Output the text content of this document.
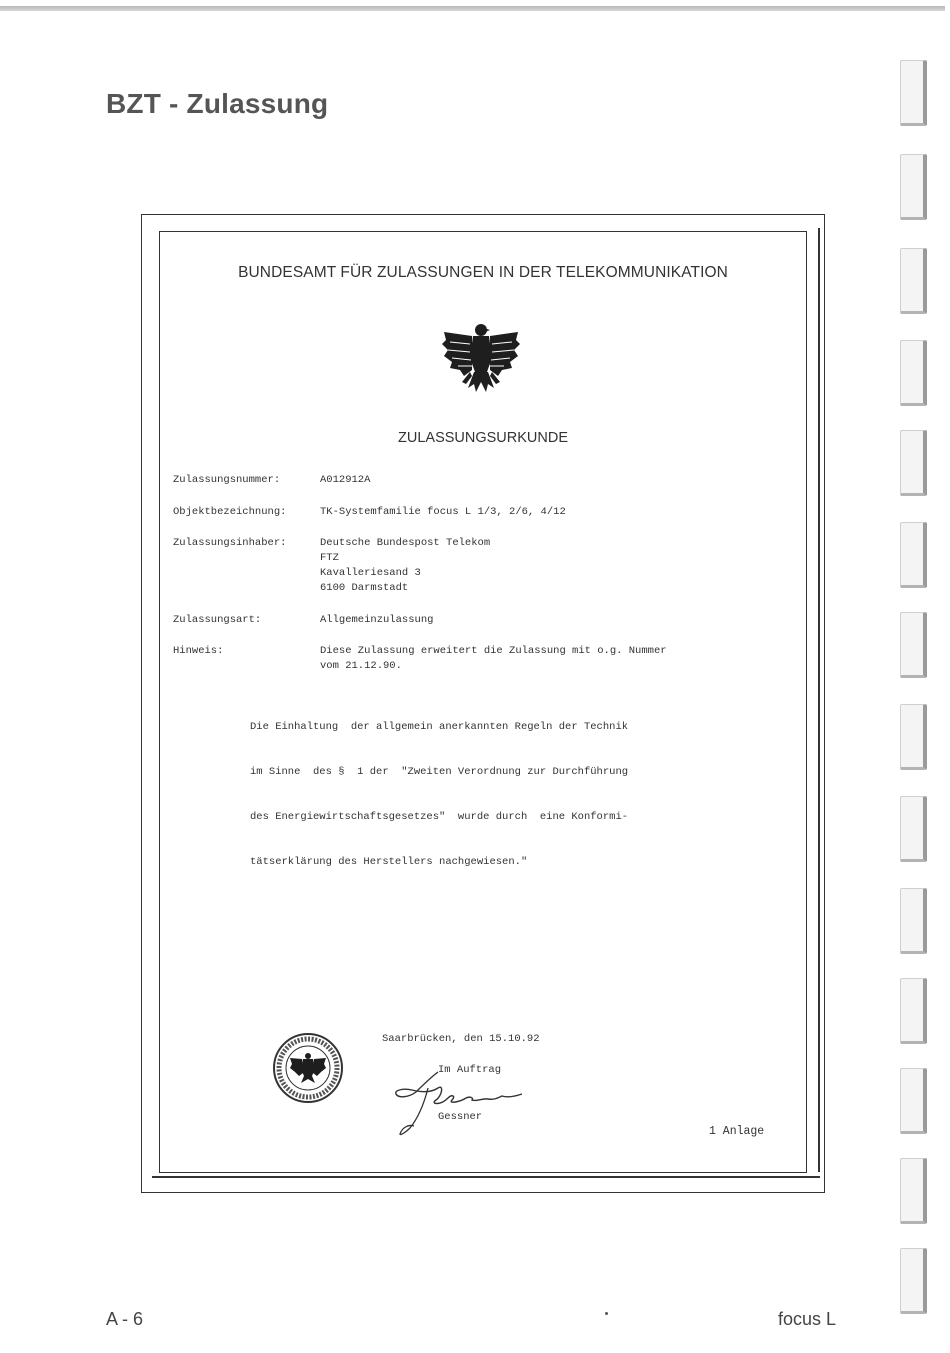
BZT - Zulassung
BUNDESAMT FÜR ZULASSUNGEN IN DER TELEKOMMUNIKATION
ZULASSUNGSURKUNDE
Zulassungsnummer:	A012912A
Objektbezeichnung:	TK-Systemfamilie focus L 1/3, 2/6, 4/12
Zulassungsinhaber:	Deutsche Bundespost Telekom
FTZ
Kavalleriesand 3
6100 Darmstadt
Zulassungsart:	Allgemeinzulassung
Hinweis:	Diese Zulassung erweitert die Zulassung mit o.g. Nummer
vom 21.12.90.

Die Einhaltung  der allgemein anerkannten Regeln der Technik

im Sinne  des §  1 der  "Zweiten Verordnung zur Durchführung

des Energiewirtschaftsgesetzes"  wurde durch  eine Konformi-

tätserklärung des Herstellers nachgewiesen."

Saarbrücken, den 15.10.92
Im Auftrag
Gessner
1 Anlage
A - 6	focus L
